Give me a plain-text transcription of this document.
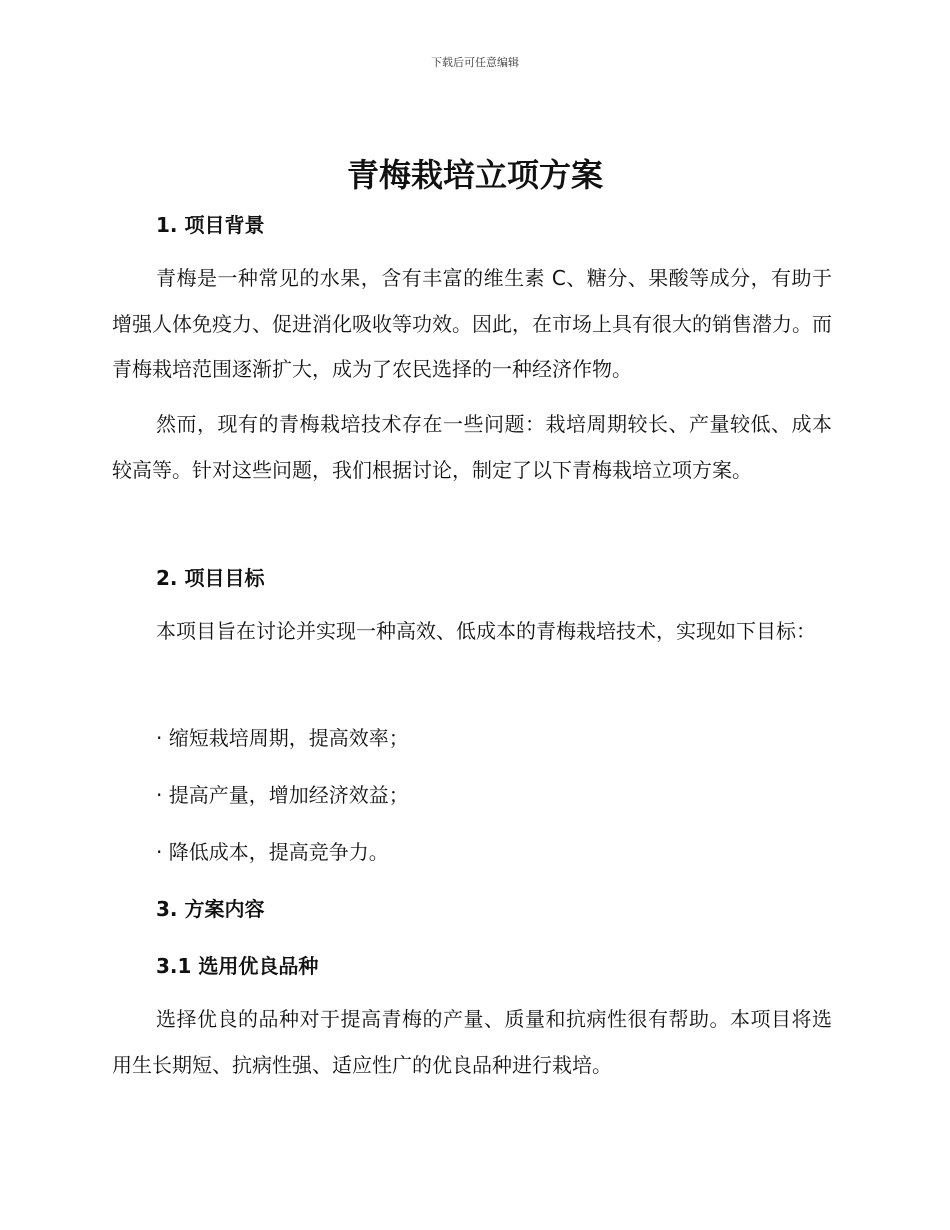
下载后可任意编辑
青梅栽培立项方案
1. 项目背景

青梅是一种常见的水果，含有丰富的维生素 C、糖分、果酸等成分，有助于增强人体免疫力、促进消化吸收等功效。因此，在市场上具有很大的销售潜力。而青梅栽培范围逐渐扩大，成为了农民选择的一种经济作物。

然而，现有的青梅栽培技术存在一些问题：栽培周期较长、产量较低、成本较高等。针对这些问题，我们根据讨论，制定了以下青梅栽培立项方案。

2. 项目目标

本项目旨在讨论并实现一种高效、低成本的青梅栽培技术，实现如下目标：

· 缩短栽培周期，提高效率；
· 提高产量，增加经济效益；
· 降低成本，提高竞争力。
3. 方案内容
3.1 选用优良品种

选择优良的品种对于提高青梅的产量、质量和抗病性很有帮助。本项目将选用生长期短、抗病性强、适应性广的优良品种进行栽培。
